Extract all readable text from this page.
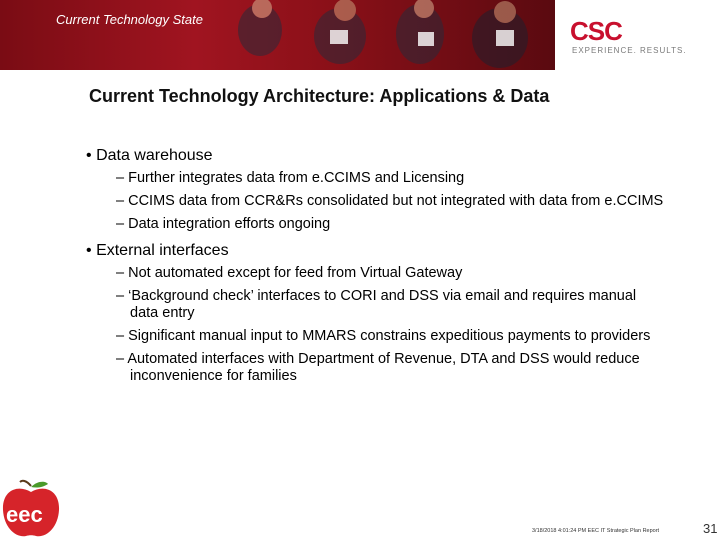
Current Technology State	CSC
EXPERIENCE. RESULTS.
Current Technology Architecture: Applications & Data
• Data warehouse
– Further integrates data from e.CCIMS and Licensing
– CCIMS data from CCR&Rs consolidated but not integrated with data from e.CCIMS
– Data integration efforts ongoing
• External interfaces
– Not automated except for feed from Virtual Gateway
– ‘Background check’ interfaces to CORI and DSS via email and requires manual data entry
– Significant manual input to MMARS constrains expeditious payments to providers
– Automated interfaces with Department of Revenue, DTA and DSS would reduce inconvenience for families
eec
3/18/2018 4:01:24 PM EEC IT Strategic Plan Report	31
